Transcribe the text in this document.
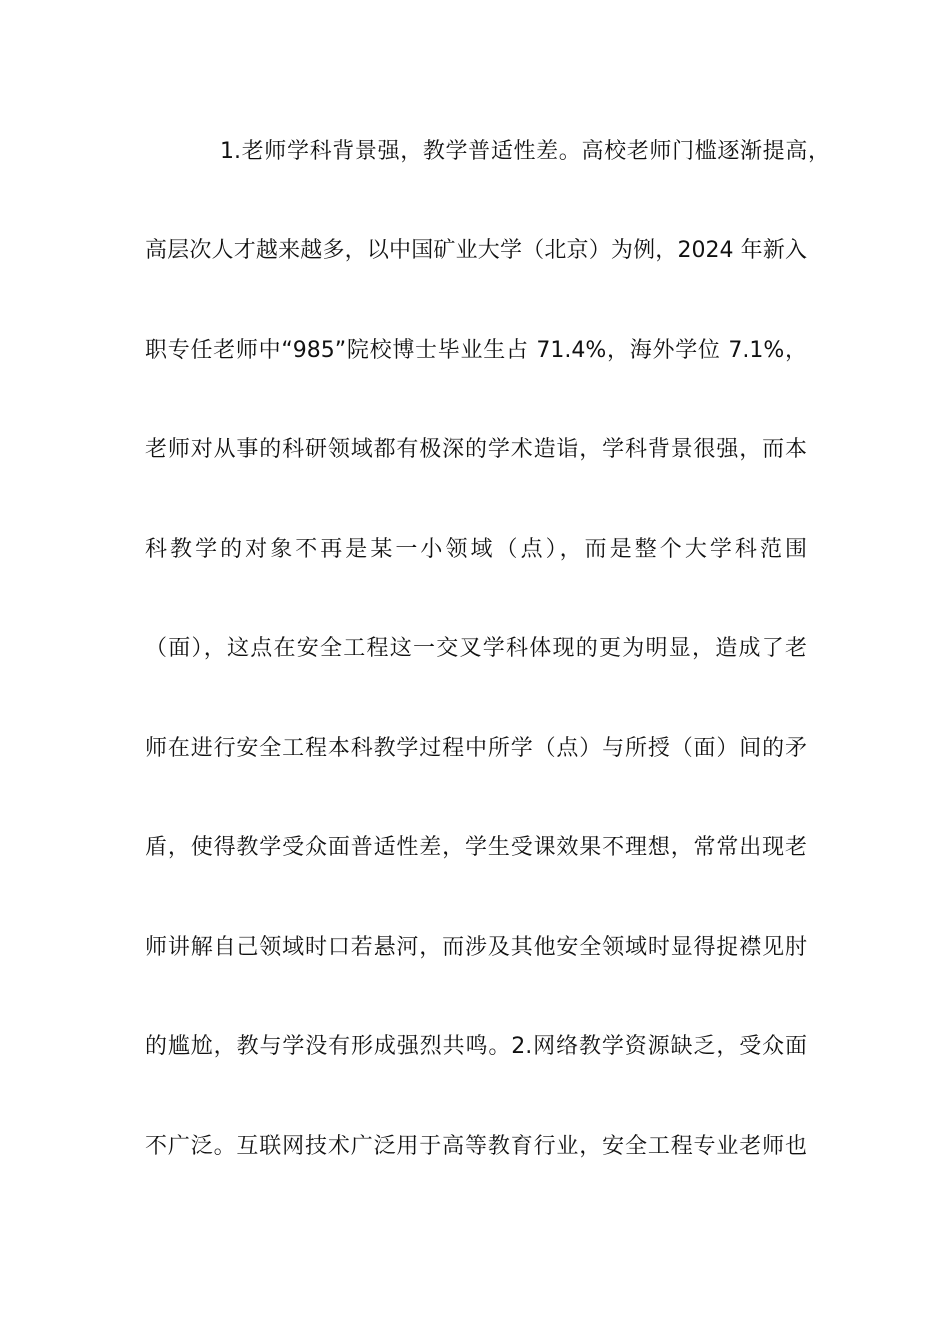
1.老师学科背景强，教学普适性差。高校老师门槛逐渐提高，
高层次人才越来越多，以中国矿业大学（北京）为例，2024 年新入
职专任老师中“985”院校博士毕业生占 71.4%，海外学位 7.1%，
老师对从事的科研领域都有极深的学术造诣，学科背景很强，而本
科教学的对象不再是某一小领域（点），而是整个大学科范围
（面），这点在安全工程这一交叉学科体现的更为明显，造成了老
师在进行安全工程本科教学过程中所学（点）与所授（面）间的矛
盾，使得教学受众面普适性差，学生受课效果不理想，常常出现老
师讲解自己领域时口若悬河，而涉及其他安全领域时显得捉襟见肘
的尴尬，教与学没有形成强烈共鸣。2.网络教学资源缺乏，受众面
不广泛。互联网技术广泛用于高等教育行业，安全工程专业老师也
